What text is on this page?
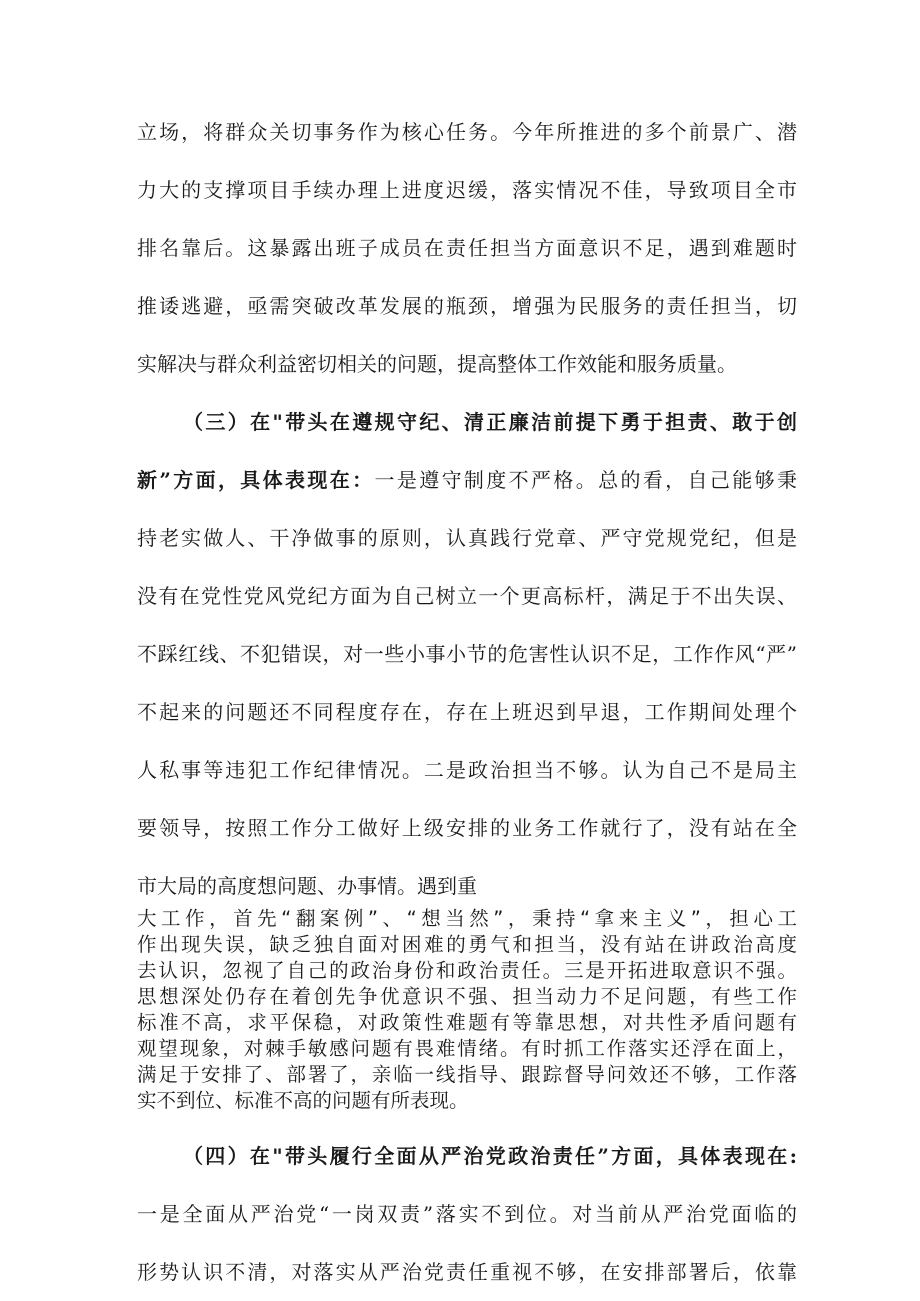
立场，将群众关切事务作为核心任务。今年所推进的多个前景广、潜
力大的支撑项目手续办理上进度迟缓，落实情况不佳，导致项目全市
排名靠后。这暴露出班子成员在责任担当方面意识不足，遇到难题时
推诿逃避，亟需突破改革发展的瓶颈，增强为民服务的责任担当，切
实解决与群众利益密切相关的问题，提高整体工作效能和服务质量。
（三）在"带头在遵规守纪、清正廉洁前提下勇于担责、敢于创
新”方面，具体表现在：一是遵守制度不严格。总的看，自己能够秉
持老实做人、干净做事的原则，认真践行党章、严守党规党纪，但是
没有在党性党风党纪方面为自己树立一个更高标杆，满足于不出失误、
不踩红线、不犯错误，对一些小事小节的危害性认识不足，工作作风“严”
不起来的问题还不同程度存在，存在上班迟到早退，工作期间处理个
人私事等违犯工作纪律情况。二是政治担当不够。认为自己不是局主
要领导，按照工作分工做好上级安排的业务工作就行了，没有站在全
市大局的高度想问题、办事情。遇到重
大工作，首先“翻案例”、“想当然”，秉持“拿来主义”，担心工
作出现失误，缺乏独自面对困难的勇气和担当，没有站在讲政治高度
去认识，忽视了自己的政治身份和政治责任。三是开拓进取意识不强。
思想深处仍存在着创先争优意识不强、担当动力不足问题，有些工作
标准不高，求平保稳，对政策性难题有等靠思想，对共性矛盾问题有
观望现象，对棘手敏感问题有畏难情绪。有时抓工作落实还浮在面上，
满足于安排了、部署了，亲临一线指导、跟踪督导问效还不够，工作落
实不到位、标准不高的问题有所表现。
（四）在"带头履行全面从严治党政治责任”方面，具体表现在:
一是全面从严治党“一岗双责”落实不到位。对当前从严治党面临的
形势认识不清，对落实从严治党责任重视不够，在安排部署后，依靠
